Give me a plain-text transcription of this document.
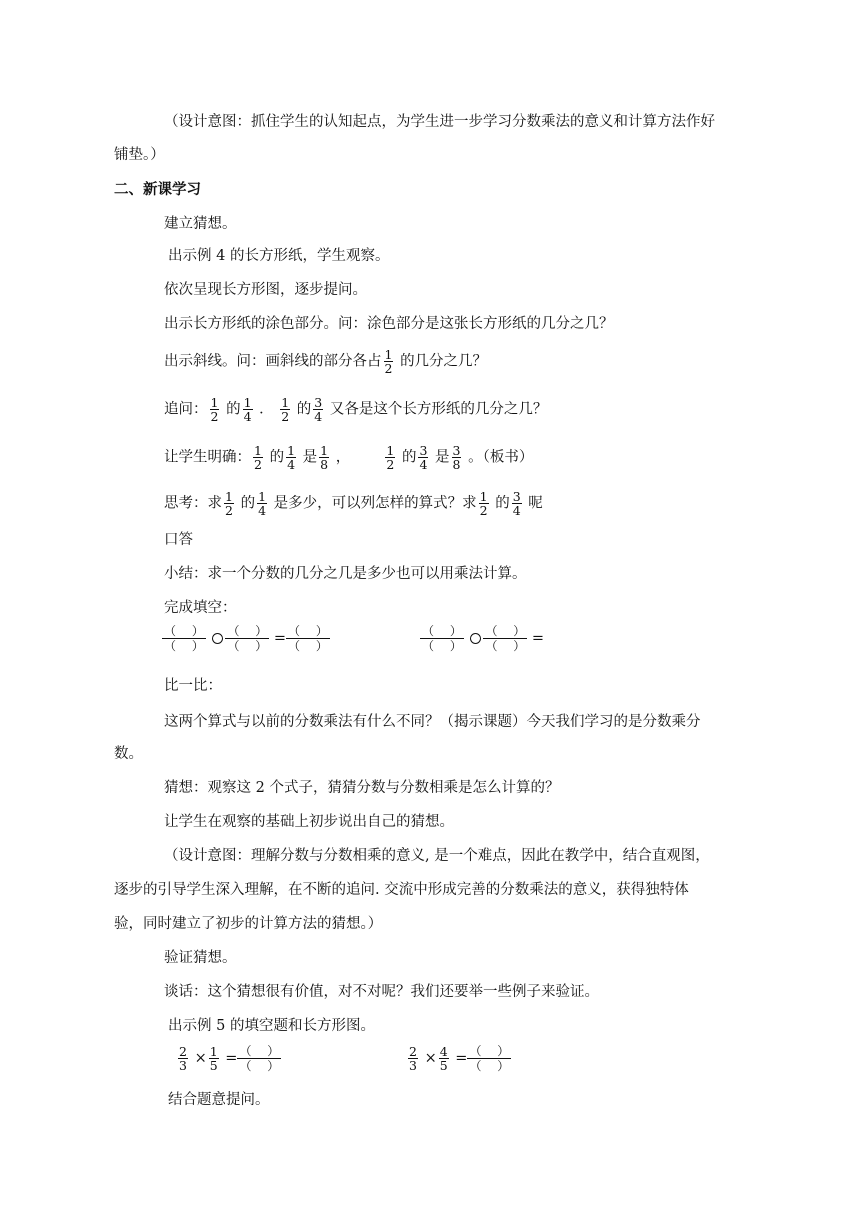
（设计意图：抓住学生的认知起点，为学生进一步学习分数乘法的意义和计算方法作好
铺垫。）
二、新课学习
建立猜想。
出示例 4 的长方形纸，学生观察。
依次呈现长方形图，逐步提问。
出示长方形纸的涂色部分。问：涂色部分是这张长方形纸的几分之几？
出示斜线。问：画斜线的部分各占 $\frac{1}{2}$ 的几分之几？
追问： $\frac{1}{2}$ 的 $\frac{1}{4}$ ． $\frac{1}{2}$ 的 $\frac{3}{4}$ 又各是这个长方形纸的几分之几？
让学生明确： $\frac{1}{2}$ 的 $\frac{1}{4}$ 是 $\frac{1}{8}$ ，	$\frac{1}{2}$ 的 $\frac{3}{4}$ 是 $\frac{3}{8}$ 。（板书）
思考：求 $\frac{1}{2}$ 的 $\frac{1}{4}$ 是多少，可以列怎样的算式？求 $\frac{1}{2}$ 的 $\frac{3}{4}$ 呢
口答
小结：求一个分数的几分之几是多少也可以用乘法计算。
完成填空：
$\frac{( )}{( )}$
$\frac{( )}{( )} = \frac{( )}{( )}$	$\frac{( )}{( )}$
$\frac{( )}{( )}$ =
比一比：
这两个算式与以前的分数乘法有什么不同？（揭示课题）今天我们学习的是分数乘分
数。
猜想：观察这 2 个式子，猜猜分数与分数相乘是怎么计算的？
让学生在观察的基础上初步说出自己的猜想。
（设计意图：理解分数与分数相乘的意义, 是一个难点，因此在教学中，结合直观图，
逐步的引导学生深入理解，在不断的追问. 交流中形成完善的分数乘法的意义，获得独特体
验，同时建立了初步的计算方法的猜想。）
验证猜想。
谈话：这个猜想很有价值，对不对呢？我们还要举一些例子来验证。
出示例 5 的填空题和长方形图。
$\frac{2}{3} \times \frac{1}{5} = \frac{( )}{( )}$	$\frac{2}{3} \times \frac{4}{5} = \frac{( )}{( )}$
结合题意提问。
